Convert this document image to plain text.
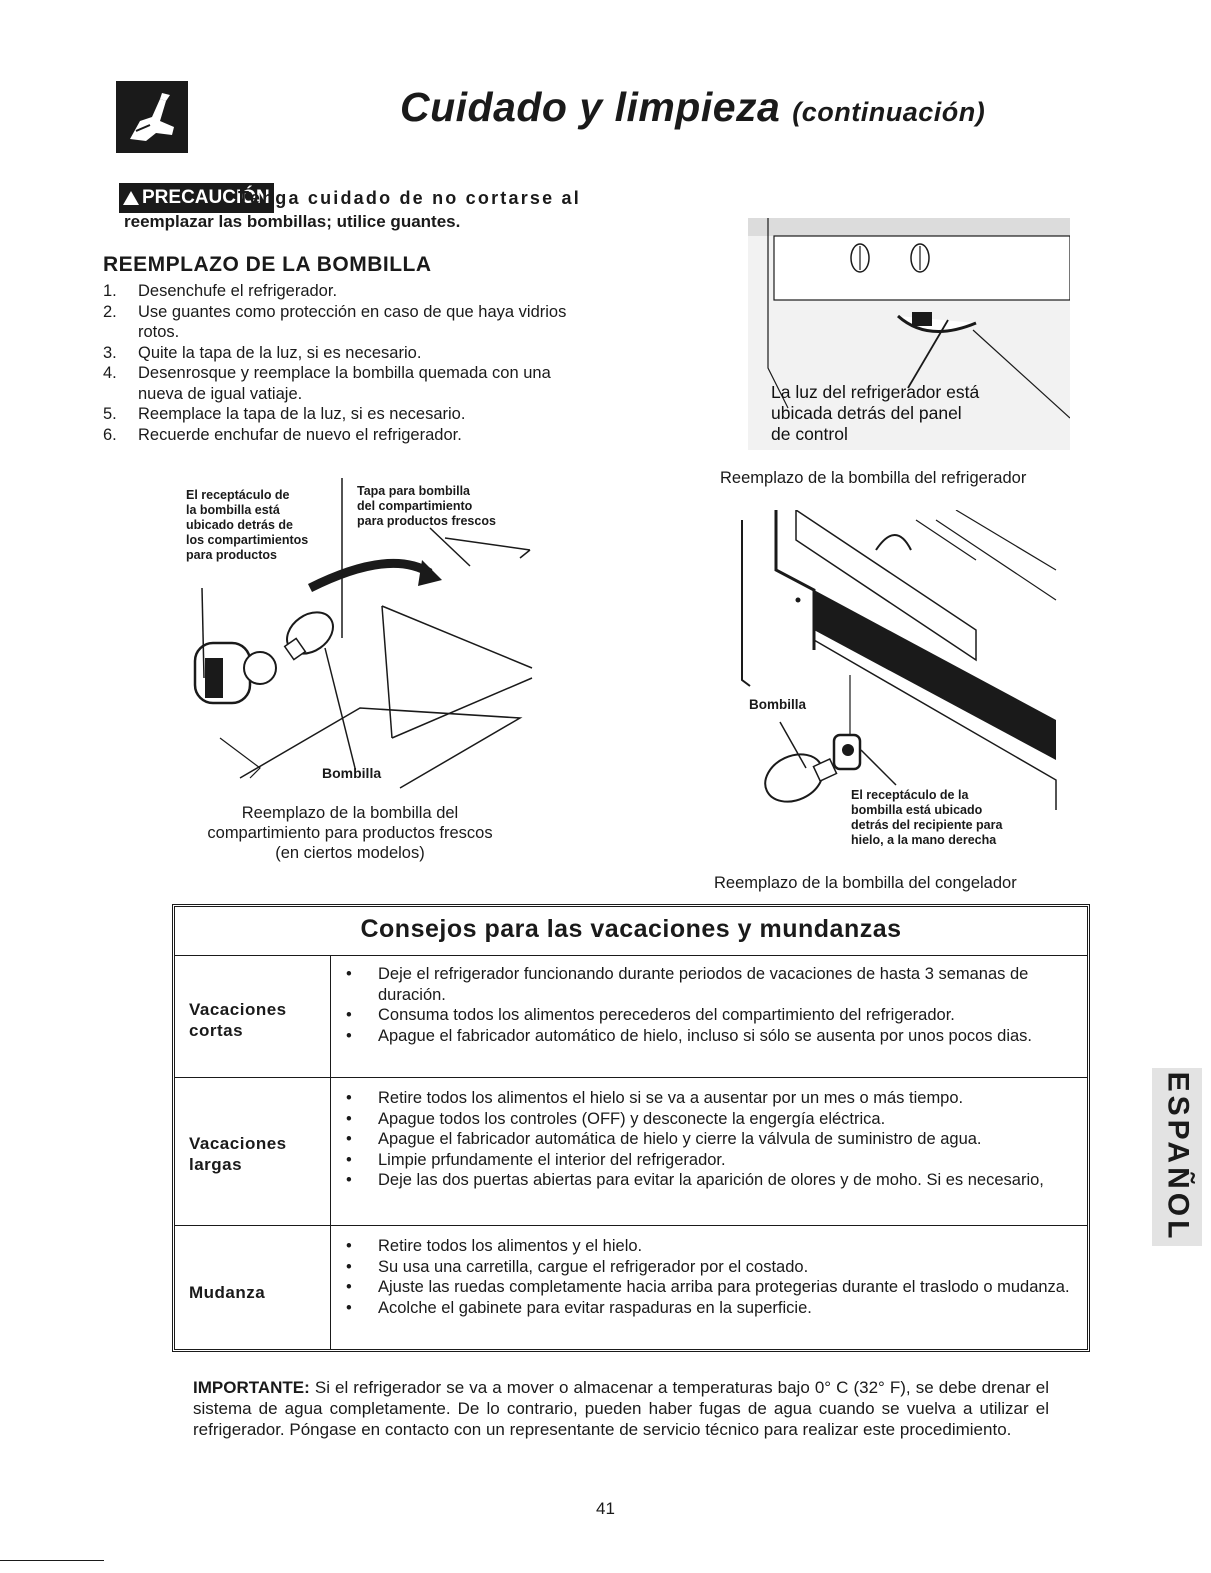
Cuidado y limpieza (continuación)
PRECAUCIÓN
Tenga cuidado de no cortarse al
reemplazar las bombillas; utilice guantes.
REEMPLAZO DE LA BOMBILLA
1. Desenchufe el refrigerador.
2. Use guantes como protección en caso de que haya vidrios rotos.
3. Quite la tapa de la luz, si es necesario.
4. Desenrosque y reemplace la bombilla quemada con una nueva de igual vatiaje.
5. Reemplace la tapa de la luz, si es necesario.
6. Recuerde enchufar de nuevo el refrigerador.
El receptáculo de
la bombilla está
ubicado detrás de
los compartimientos
para productos
Tapa para bombilla
del compartimiento
para productos frescos
Bombilla
Reemplazo de la bombilla del
compartimiento para productos frescos
(en ciertos modelos)
La luz del refrigerador está
ubicada detrás del panel
de control
Reemplazo de la bombilla del refrigerador
Bombilla
El receptáculo de la
bombilla está ubicado
detrás del recipiente para
hielo, a la mano derecha
Reemplazo de la bombilla del congelador
Consejos para las vacaciones y mundanzas
Vacaciones cortas
• Deje el refrigerador funcionando durante periodos de vacaciones de hasta 3 semanas de duración.
• Consuma todos los alimentos perecederos del compartimiento del refrigerador.
• Apague el fabricador automático de hielo, incluso si sólo se ausenta por unos pocos dias.
Vacaciones largas
• Retire todos los alimentos el hielo si se va a ausentar por un mes o más tiempo.
• Apague todos los controles (OFF) y desconecte la engergía eléctrica.
• Apague el fabricador automática de hielo y cierre la válvula de suministro de agua.
• Limpie prfundamente el interior del refrigerador.
• Deje las dos puertas abiertas para evitar la aparición de olores y de moho. Si es necesario,
Mudanza
• Retire todos los alimentos y el hielo.
• Su usa una carretilla, cargue el refrigerador por el costado.
• Ajuste las ruedas completamente hacia arriba para protegerias durante el traslodo o mudanza.
• Acolche el gabinete para evitar raspaduras en la superficie.
IMPORTANTE: Si el refrigerador se va a mover o almacenar a temperaturas bajo 0° C (32° F), se debe drenar el sistema de agua completamente. De lo contrario, pueden haber fugas de agua cuando se vuelva a utilizar el refrigerador. Póngase en contacto con un representante de servicio técnico para realizar este procedimiento.
41
ESPAÑOL
